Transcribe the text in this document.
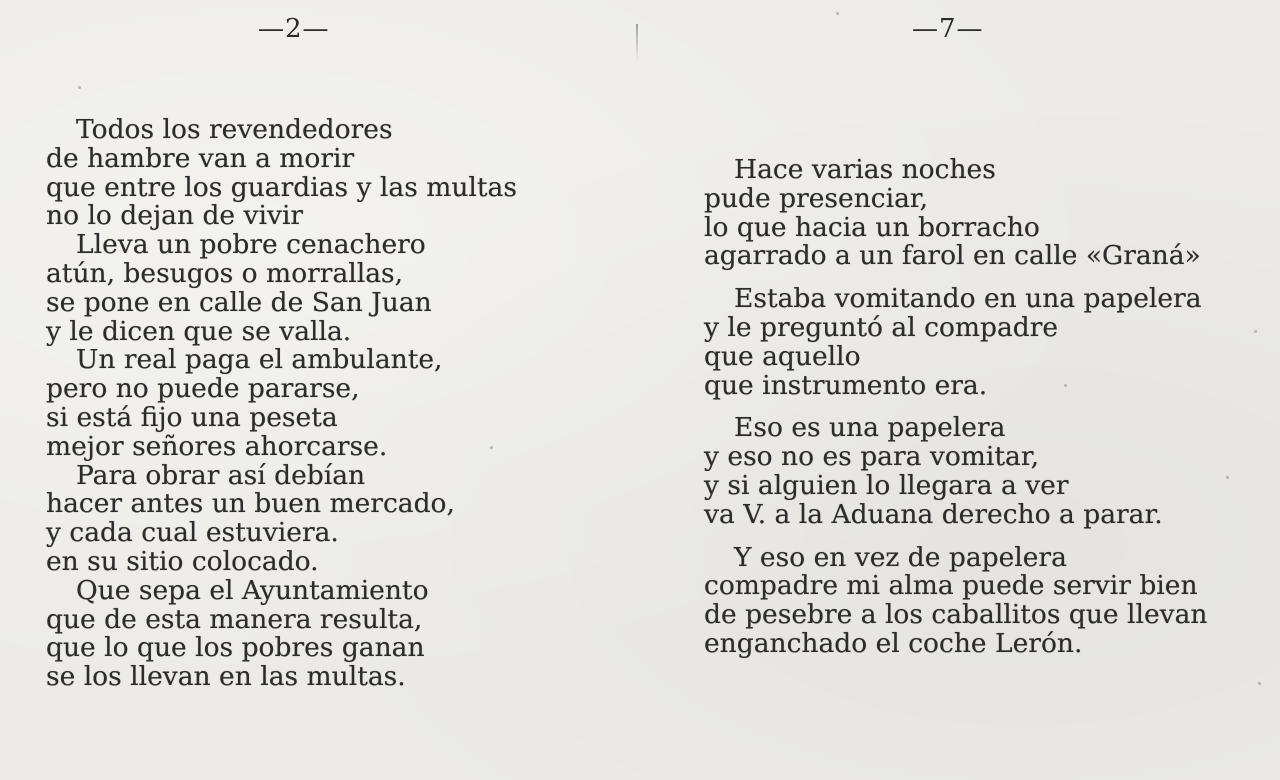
—2—
Todos los revendedores
de hambre van a morir
que entre los guardias y las multas
no lo dejan de vivir
Lleva un pobre cenachero
atún, besugos o morrallas,
se pone en calle de San Juan
y le dicen que se valla.
Un real paga el ambulante,
pero no puede pararse,
si está fijo una peseta
mejor señores ahorcarse.
Para obrar así debían
hacer antes un buen mercado,
y cada cual estuviera.
en su sitio colocado.
Que sepa el Ayuntamiento
que de esta manera resulta,
que lo que los pobres ganan
se los llevan en las multas.
—7—
Hace varias noches
pude presenciar,
lo que hacia un borracho
agarrado a un farol en calle «Graná»
Estaba vomitando en una papelera
y le preguntó al compadre
que aquello
que instrumento era.
Eso es una papelera
y eso no es para vomitar,
y si alguien lo llegara a ver
va V. a la Aduana derecho a parar.
Y eso en vez de papelera
compadre mi alma puede servir bien
de pesebre a los caballitos que llevan
enganchado el coche Lerón.
